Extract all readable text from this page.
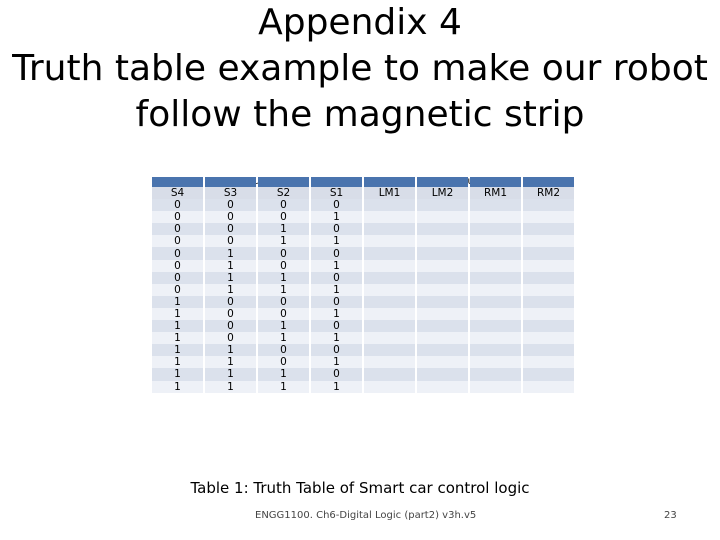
Appendix 4
Truth table example to make our robot
follow the magnetic strip

S4	S3	S2	S1	LM1	LM2	RM1	RM2
0	0	0	0				
0	0	0	1				
0	0	1	0				
0	0	1	1				
0	1	0	0				
0	1	0	1				
0	1	1	0				
0	1	1	1				
1	0	0	0				
1	0	0	1				
1	0	1	0				
1	0	1	1				
1	1	0	0				
1	1	0	1				
1	1	1	0				
1	1	1	1				
Table 1: Truth Table of Smart car control logic
ENGG1100. Ch6-Digital Logic (part2) v3h.v5	23
